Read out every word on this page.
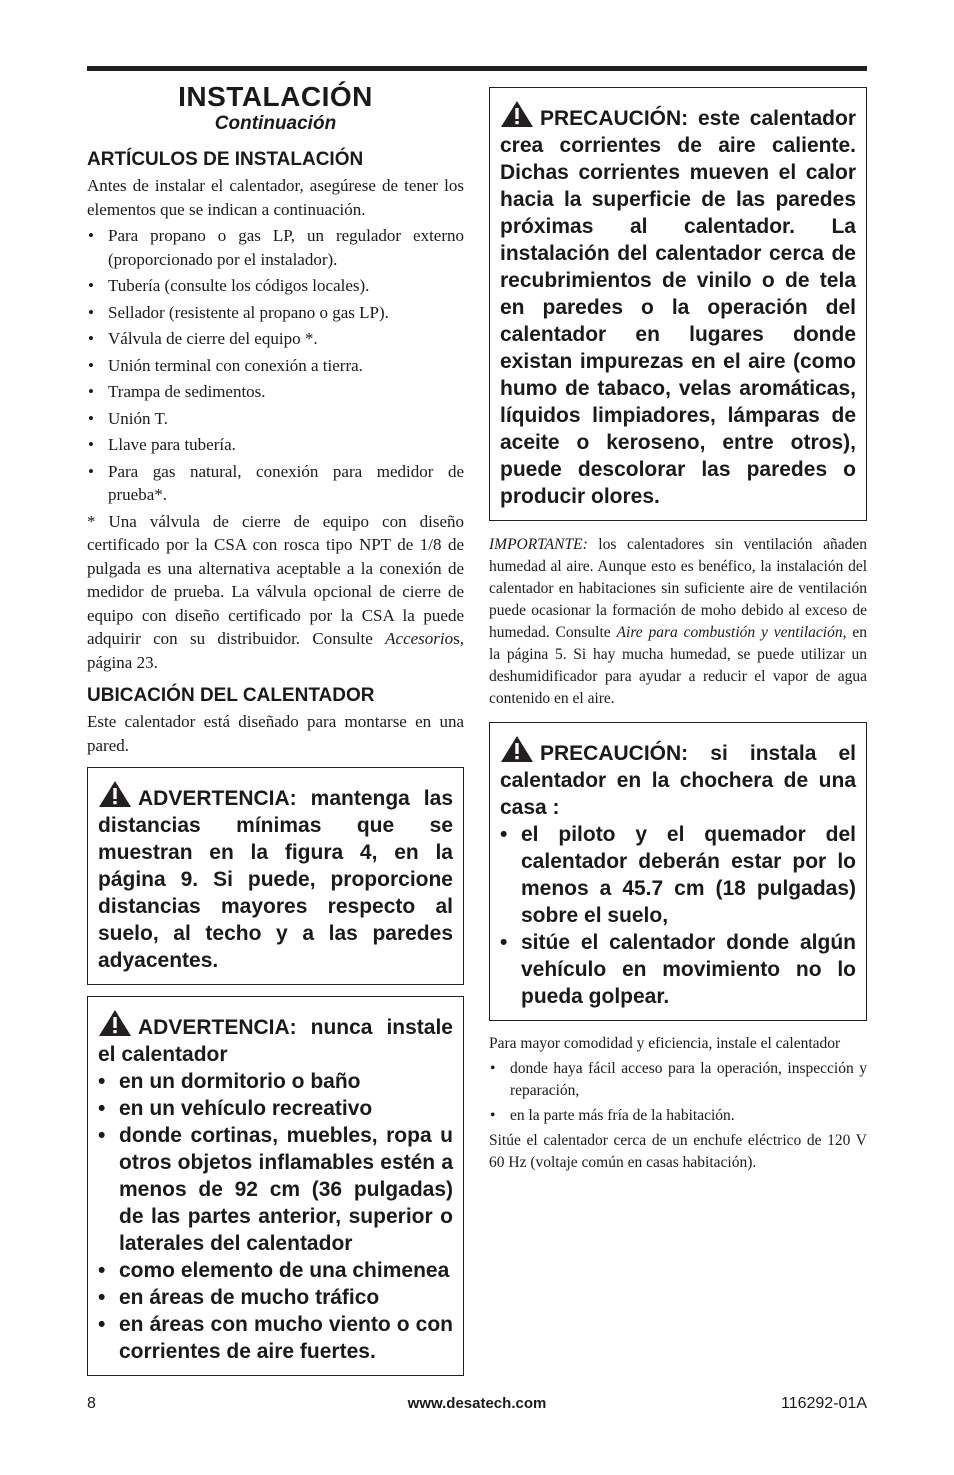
INSTALACIÓN
Continuación
ARTÍCULOS DE INSTALACIÓN

Antes de instalar el calentador, asegúrese de tener los elementos que se indican a continuación.

• Para propano o gas LP, un regulador externo (proporcionado por el instalador).
• Tubería (consulte los códigos locales).
• Sellador (resistente al propano o gas LP).
• Válvula de cierre del equipo *.
• Unión terminal con conexión a tierra.
• Trampa de sedimentos.
• Unión T.
• Llave para tubería.
• Para gas natural, conexión para medidor de prueba*.

* Una válvula de cierre de equipo con diseño certificado por la CSA con rosca tipo NPT de 1/8 de pulgada es una alternativa aceptable a la conexión de medidor de prueba. La válvula opcional de cierre de equipo con diseño certificado por la CSA la puede adquirir con su distribuidor. Consulte Accesorios, página 23.

UBICACIÓN DEL CALENTADOR

Este calentador está diseñado para montarse en una pared.

ADVERTENCIA: mantenga las distancias mínimas que se muestran en la figura 4, en la página 9. Si puede, proporcione distancias mayores respecto al suelo, al techo y a las paredes adyacentes.
ADVERTENCIA: nunca instale el calentador
• en un dormitorio o baño
• en un vehículo recreativo
• donde cortinas, muebles, ropa u otros objetos inflamables estén a menos de 92 cm (36 pulgadas) de las partes anterior, superior o laterales del calentador
• como elemento de una chimenea
• en áreas de mucho tráfico
• en áreas con mucho viento o con corrientes de aire fuertes.
PRECAUCIÓN: este calentador crea corrientes de aire caliente. Dichas corrientes mueven el calor hacia la superficie de las paredes próximas al calentador. La instalación del calentador cerca de recubrimientos de vinilo o de tela en paredes o la operación del calentador en lugares donde existan impurezas en el aire (como humo de tabaco, velas aromáticas, líquidos limpiadores, lámparas de aceite o keroseno, entre otros), puede descolorar las paredes o producir olores.

IMPORTANTE: los calentadores sin ventilación añaden humedad al aire. Aunque esto es benéfico, la instalación del calentador en habitaciones sin suficiente aire de ventilación puede ocasionar la formación de moho debido al exceso de humedad. Consulte Aire para combustión y ventilación, en la página 5. Si hay mucha humedad, se puede utilizar un deshumidificador para ayudar a reducir el vapor de agua contenido en el aire.

PRECAUCIÓN: si instala el calentador en la chochera de una casa :
• el piloto y el quemador del calentador deberán estar por lo menos a 45.7 cm (18 pulgadas) sobre el suelo,
• sitúe el calentador donde algún vehículo en movimiento no lo pueda golpear.

Para mayor comodidad y eficiencia, instale el calentador

• donde haya fácil acceso para la operación, inspección y reparación,
• en la parte más fría de la habitación.

Sitúe el calentador cerca de un enchufe eléctrico de 120 V 60 Hz (voltaje común en casas habitación).

8	www.desatech.com	116292-01A
